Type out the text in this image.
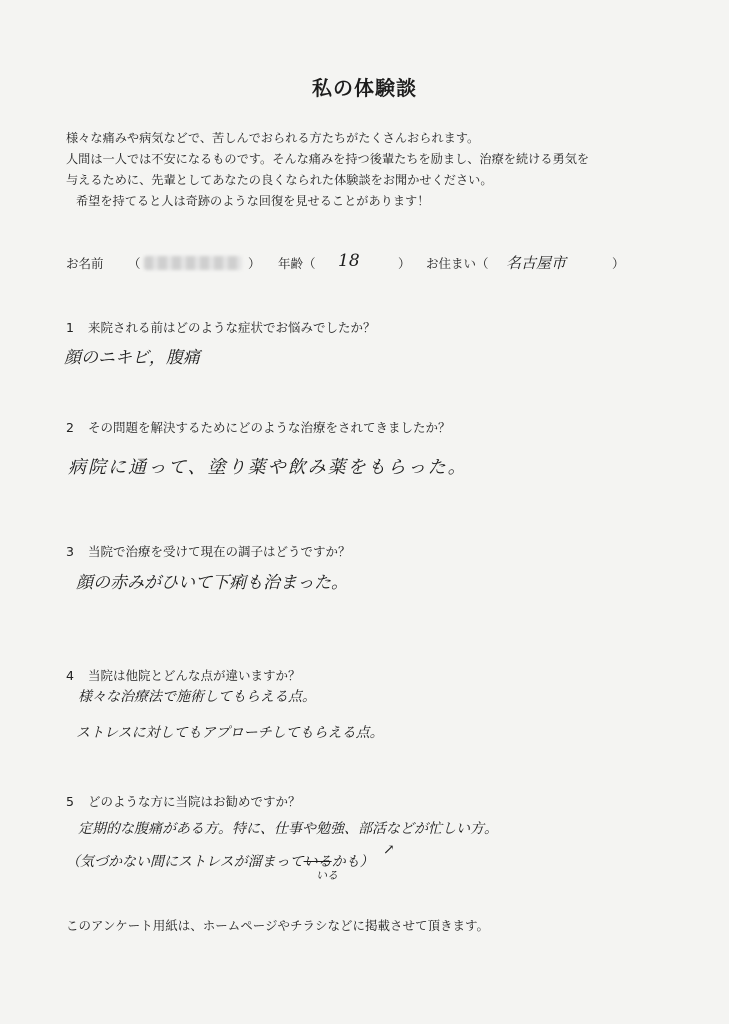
私の体験談
様々な痛みや病気などで、苦しんでおられる方たちがたくさんおられます。
人間は一人では不安になるものです。そんな痛みを持つ後輩たちを励まし、治療を続ける勇気を
与えるために、先輩としてあなたの良くなられた体験談をお聞かせください。
希望を持てると人は奇跡のような回復を見せることがあります！
お名前 （	） 年齢（ 18	） お住まい（ 名古屋市	）
1 来院される前はどのような症状でお悩みでしたか？
顔のニキビ，腹痛
2 その問題を解決するためにどのような治療をされてきましたか？
病院に通って、塗り薬や飲み薬をもらった。
3 当院で治療を受けて現在の調子はどうですか？
顔の赤みがひいて下痢も治まった。
4 当院は他院とどんな点が違いますか？
様々な治療法で施術してもらえる点。
ストレスに対してもアプローチしてもらえる点。
5 どのような方に当院はお勧めですか？
定期的な腹痛がある方。特に、仕事や勉強、部活などが忙しい方。
（気づかない間にストレスが溜まっているかも）
いる
↗
このアンケート用紙は、ホームページやチラシなどに掲載させて頂きます。
